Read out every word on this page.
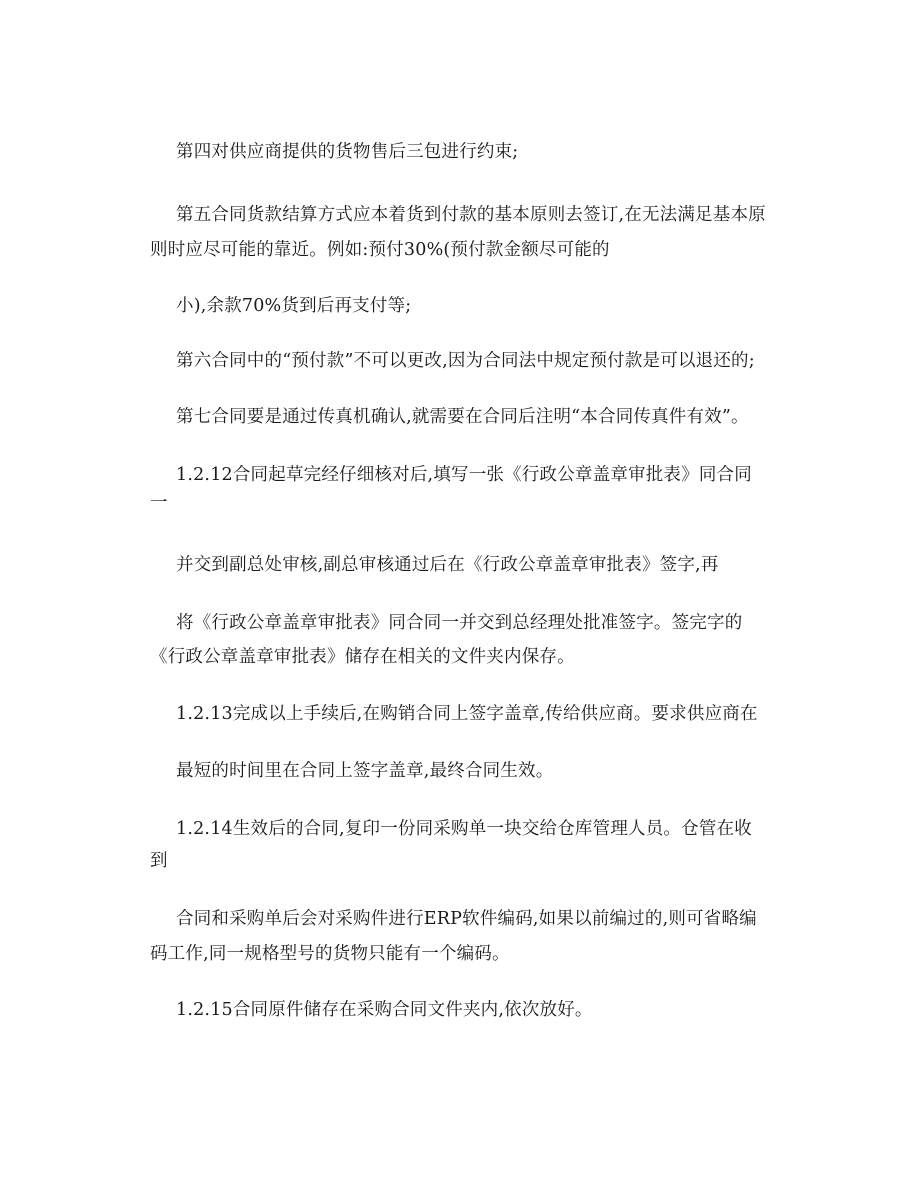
第四对供应商提供的货物售后三包进行约束;
第五合同货款结算方式应本着货到付款的基本原则去签订,在无法满足基本原
则时应尽可能的靠近。例如:预付30%(预付款金额尽可能的
小),余款70%货到后再支付等;
第六合同中的“预付款”不可以更改,因为合同法中规定预付款是可以退还的;
第七合同要是通过传真机确认,就需要在合同后注明“本合同传真件有效”。
1.2.12合同起草完经仔细核对后,填写一张《行政公章盖章审批表》同合同
一
并交到副总处审核,副总审核通过后在《行政公章盖章审批表》签字,再
将《行政公章盖章审批表》同合同一并交到总经理处批准签字。签完字的
《行政公章盖章审批表》储存在相关的文件夹内保存。
1.2.13完成以上手续后,在购销合同上签字盖章,传给供应商。要求供应商在
最短的时间里在合同上签字盖章,最终合同生效。
1.2.14生效后的合同,复印一份同采购单一块交给仓库管理人员。仓管在收
到
合同和采购单后会对采购件进行ERP软件编码,如果以前编过的,则可省略编
码工作,同一规格型号的货物只能有一个编码。
1.2.15合同原件储存在采购合同文件夹内,依次放好。
